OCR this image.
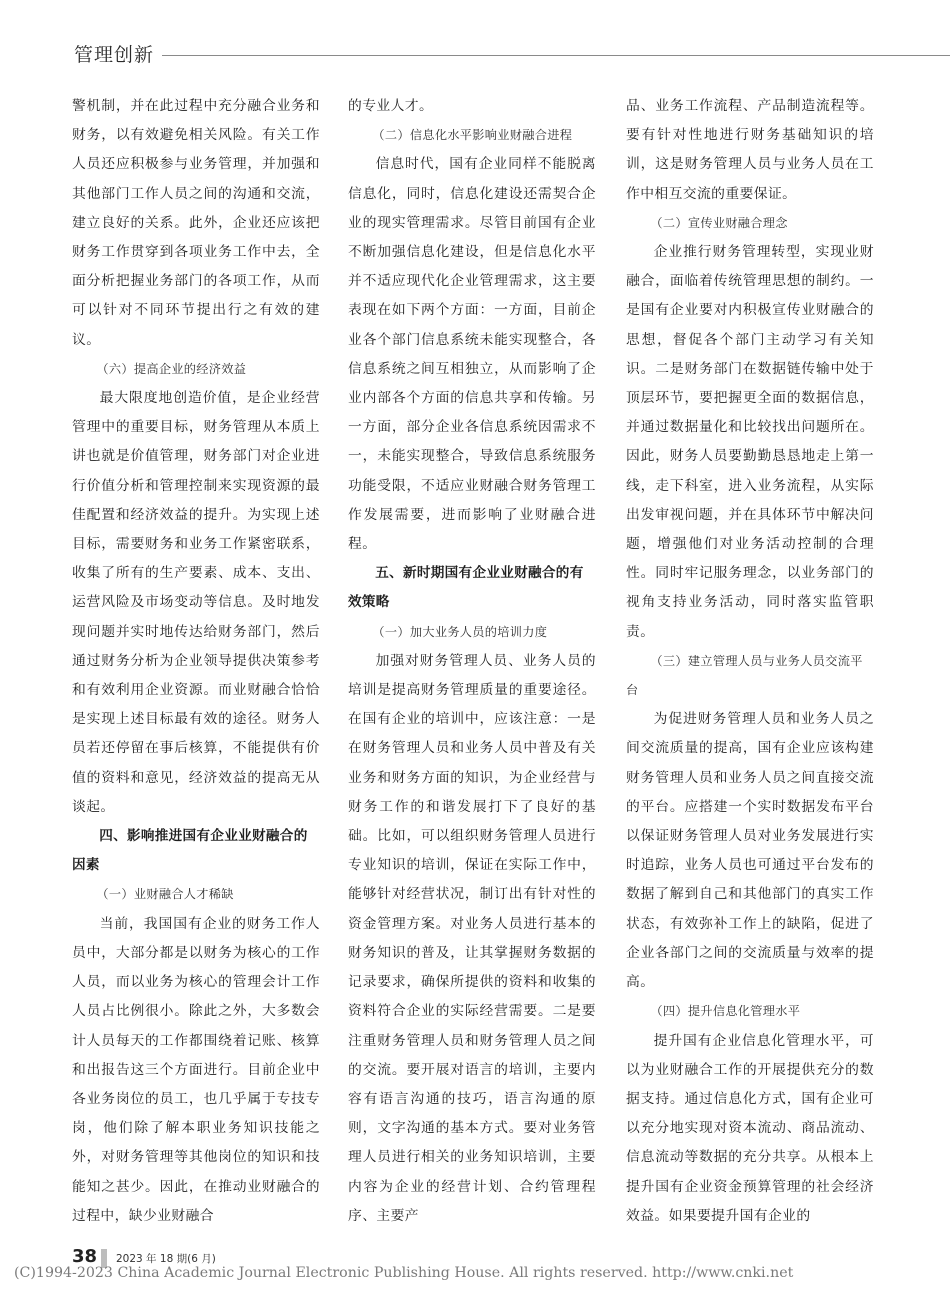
管理创新

警机制，并在此过程中充分融合业务和财务，以有效避免相关风险。有关工作人员还应积极参与业务管理，并加强和其他部门工作人员之间的沟通和交流，建立良好的关系。此外，企业还应该把财务工作贯穿到各项业务工作中去，全面分析把握业务部门的各项工作，从而可以针对不同环节提出行之有效的建议。

（六）提高企业的经济效益

最大限度地创造价值，是企业经营管理中的重要目标，财务管理从本质上讲也就是价值管理，财务部门对企业进行价值分析和管理控制来实现资源的最佳配置和经济效益的提升。为实现上述目标，需要财务和业务工作紧密联系，收集了所有的生产要素、成本、支出、运营风险及市场变动等信息。及时地发现问题并实时地传达给财务部门，然后通过财务分析为企业领导提供决策参考和有效利用企业资源。而业财融合恰恰是实现上述目标最有效的途径。财务人员若还停留在事后核算，不能提供有价值的资料和意见，经济效益的提高无从谈起。

四、影响推进国有企业业财融合的因素

（一）业财融合人才稀缺

当前，我国国有企业的财务工作人员中，大部分都是以财务为核心的工作人员，而以业务为核心的管理会计工作人员占比例很小。除此之外，大多数会计人员每天的工作都围绕着记账、核算和出报告这三个方面进行。目前企业中各业务岗位的员工，也几乎属于专技专岗，他们除了解本职业务知识技能之外，对财务管理等其他岗位的知识和技能知之甚少。因此，在推动业财融合的过程中，缺少业财融合

的专业人才。

（二）信息化水平影响业财融合进程

信息时代，国有企业同样不能脱离信息化，同时，信息化建设还需契合企业的现实管理需求。尽管目前国有企业不断加强信息化建设，但是信息化水平并不适应现代化企业管理需求，这主要表现在如下两个方面：一方面，目前企业各个部门信息系统未能实现整合，各信息系统之间互相独立，从而影响了企业内部各个方面的信息共享和传输。另一方面，部分企业各信息系统因需求不一，未能实现整合，导致信息系统服务功能受限，不适应业财融合财务管理工作发展需要，进而影响了业财融合进程。

五、新时期国有企业业财融合的有效策略

（一）加大业务人员的培训力度

加强对财务管理人员、业务人员的培训是提高财务管理质量的重要途径。在国有企业的培训中，应该注意：一是在财务管理人员和业务人员中普及有关业务和财务方面的知识，为企业经营与财务工作的和谐发展打下了良好的基础。比如，可以组织财务管理人员进行专业知识的培训，保证在实际工作中，能够针对经营状况，制订出有针对性的资金管理方案。对业务人员进行基本的财务知识的普及，让其掌握财务数据的记录要求，确保所提供的资料和收集的资料符合企业的实际经营需要。二是要注重财务管理人员和财务管理人员之间的交流。要开展对语言的培训，主要内容有语言沟通的技巧，语言沟通的原则，文字沟通的基本方式。要对业务管理人员进行相关的业务知识培训，主要内容为企业的经营计划、合约管理程序、主要产

品、业务工作流程、产品制造流程等。要有针对性地进行财务基础知识的培训，这是财务管理人员与业务人员在工作中相互交流的重要保证。

（二）宣传业财融合理念

企业推行财务管理转型，实现业财融合，面临着传统管理思想的制约。一是国有企业要对内积极宣传业财融合的思想，督促各个部门主动学习有关知识。二是财务部门在数据链传输中处于顶层环节，要把握更全面的数据信息，并通过数据量化和比较找出问题所在。因此，财务人员要勤勤恳恳地走上第一线，走下科室，进入业务流程，从实际出发审视问题，并在具体环节中解决问题，增强他们对业务活动控制的合理性。同时牢记服务理念，以业务部门的视角支持业务活动，同时落实监管职责。

（三）建立管理人员与业务人员交流平台

为促进财务管理人员和业务人员之间交流质量的提高，国有企业应该构建财务管理人员和业务人员之间直接交流的平台。应搭建一个实时数据发布平台以保证财务管理人员对业务发展进行实时追踪，业务人员也可通过平台发布的数据了解到自己和其他部门的真实工作状态，有效弥补工作上的缺陷，促进了企业各部门之间的交流质量与效率的提高。

（四）提升信息化管理水平

提升国有企业信息化管理水平，可以为业财融合工作的开展提供充分的数据支持。通过信息化方式，国有企业可以充分地实现对资本流动、商品流动、信息流动等数据的充分共享。从根本上提升国有企业资金预算管理的社会经济效益。如果要提升国有企业的

38 2023 年 18 期(6 月)

(C)1994-2023 China Academic Journal Electronic Publishing House. All rights reserved. http://www.cnki.net
